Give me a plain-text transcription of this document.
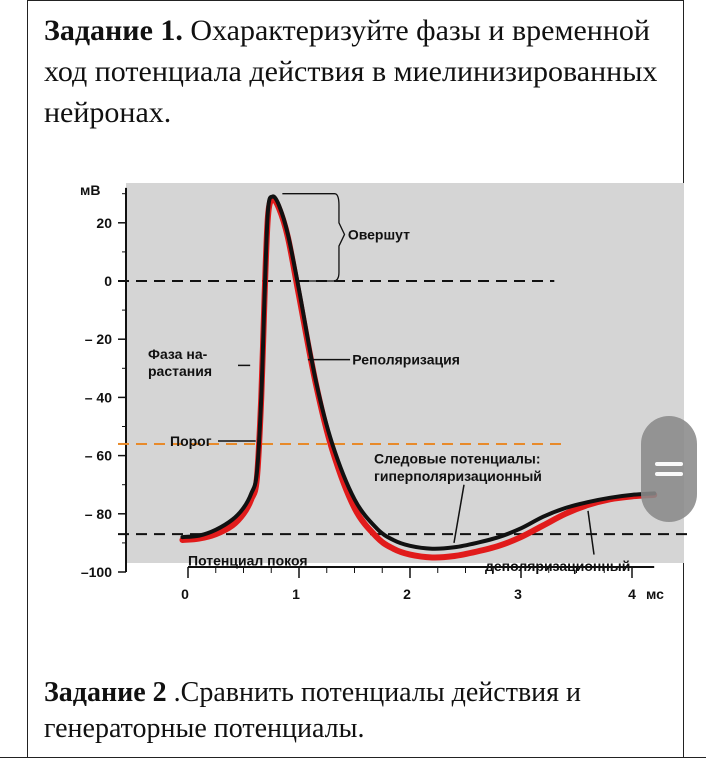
Задание 1. Охарактеризуйте фазы и временной ход потенциала действия в миелинизированных нейронах.

Овершут
Фаза на-
растания
Реполяризация
Порог
Следовые потенциалы:
гиперполяризационный
Потенциал покоя	деполяризационный
20
0
– 20
– 40
– 60
– 80
–100
мВ
0	1	2	3	4 мс

Задание 2 .Сравнить потенциалы действия и генераторные потенциалы.
